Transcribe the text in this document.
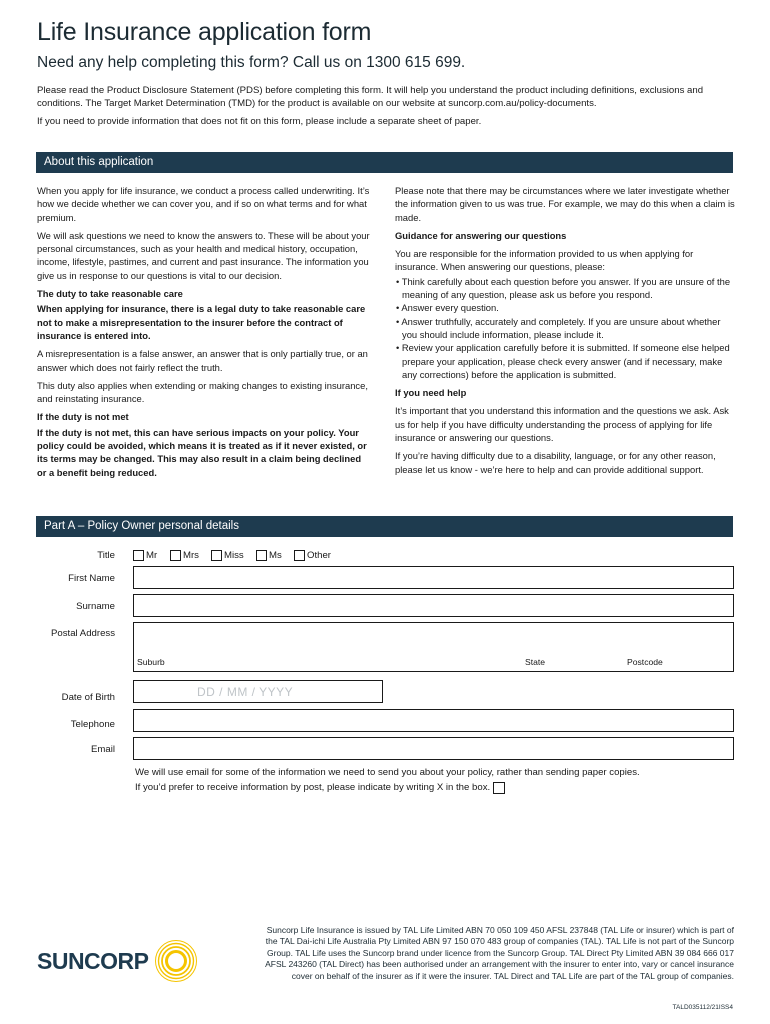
Life Insurance application form
Need any help completing this form? Call us on 1300 615 699.

Please read the Product Disclosure Statement (PDS) before completing this form. It will help you understand the product including definitions, exclusions and conditions. The Target Market Determination (TMD) for the product is available on our website at suncorp.com.au/policy-documents.

If you need to provide information that does not fit on this form, please include a separate sheet of paper.

About this application

When you apply for life insurance, we conduct a process called underwriting. It’s how we decide whether we can cover you, and if so on what terms and for what premium.

We will ask questions we need to know the answers to. These will be about your personal circumstances, such as your health and medical history, occupation, income, lifestyle, pastimes, and current and past insurance. The information you give us in response to our questions is vital to our decision.

The duty to take reasonable care

When applying for insurance, there is a legal duty to take reasonable care not to make a misrepresentation to the insurer before the contract of insurance is entered into.

A misrepresentation is a false answer, an answer that is only partially true, or an answer which does not fairly reflect the truth.

This duty also applies when extending or making changes to existing insurance, and reinstating insurance.

If the duty is not met

If the duty is not met, this can have serious impacts on your policy. Your policy could be avoided, which means it is treated as if it never existed, or its terms may be changed. This may also result in a claim being declined or a benefit being reduced.

Please note that there may be circumstances where we later investigate whether the information given to us was true. For example, we may do this when a claim is made.

Guidance for answering our questions

You are responsible for the information provided to us when applying for insurance. When answering our questions, please:

• Think carefully about each question before you answer. If you are unsure of the meaning of any question, please ask us before you respond.
• Answer every question.
• Answer truthfully, accurately and completely. If you are unsure about whether you should include information, please include it.
• Review your application carefully before it is submitted. If someone else helped prepare your application, please check every answer (and if necessary, make any corrections) before the application is submitted.

If you need help

It’s important that you understand this information and the questions we ask. Ask us for help if you have difficulty understanding the process of applying for life insurance or answering our questions.

If you’re having difficulty due to a disability, language, or for any other reason, please let us know - we’re here to help and can provide additional support.

Part A – Policy Owner personal details
Title	Mr	Mrs	Miss	Ms	Other
First Name
Surname
Postal Address
Suburb	State	Postcode
Date of Birth	DD / MM / YYYY
Telephone
Email
We will use email for some of the information we need to send you about your policy, rather than sending paper copies.
If you’d prefer to receive information by post, please indicate by writing X in the box.
SUNCORP
Suncorp Life Insurance is issued by TAL Life Limited ABN 70 050 109 450 AFSL 237848 (TAL Life or insurer) which is part of the TAL Dai-ichi Life Australia Pty Limited ABN 97 150 070 483 group of companies (TAL). TAL Life is not part of the Suncorp Group. TAL Life uses the Suncorp brand under licence from the Suncorp Group. TAL Direct Pty Limited ABN 39 084 666 017 AFSL 243260 (TAL Direct) has been authorised under an arrangement with the insurer to enter into, vary or cancel insurance cover on behalf of the insurer as if it were the insurer. TAL Direct and TAL Life are part of the TAL group of companies.
TALD035112/21ISS4
